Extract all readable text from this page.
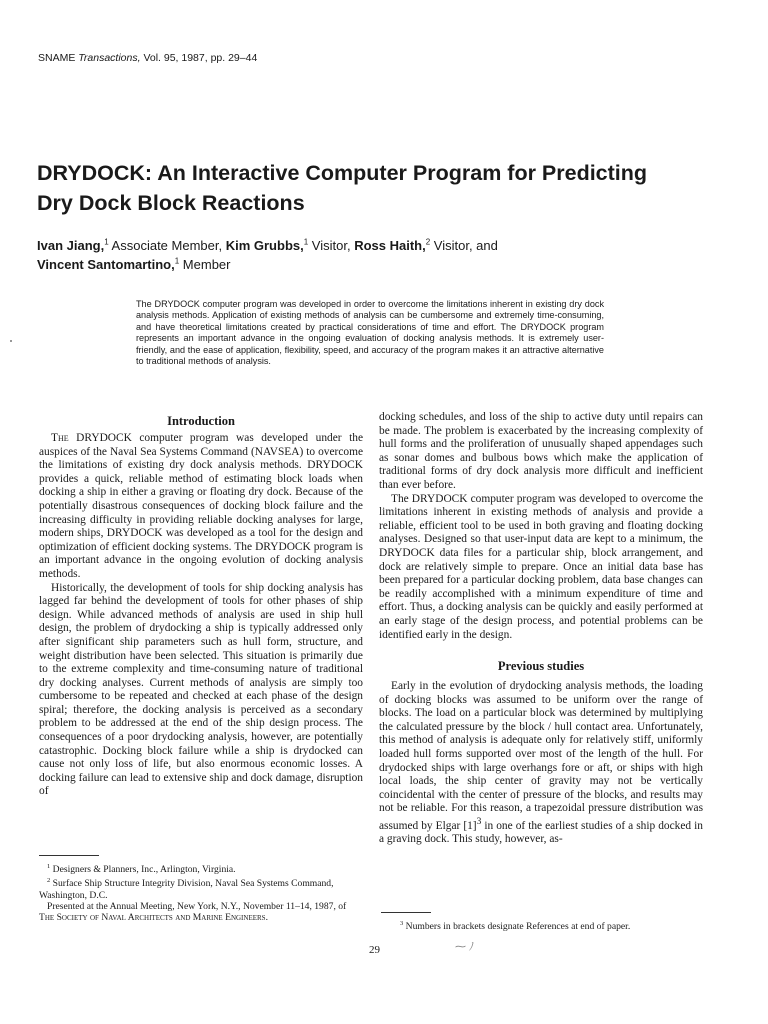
SNAME Transactions, Vol. 95, 1987, pp. 29–44
DRYDOCK: An Interactive Computer Program for Predicting Dry Dock Block Reactions
Ivan Jiang,$^1$ Associate Member, Kim Grubbs,$^1$ Visitor, Ross Haith,$^2$ Visitor, and
Vincent Santomartino,$^1$ Member
The DRYDOCK computer program was developed in order to overcome the limitations inherent in existing dry dock analysis methods. Application of existing methods of analysis can be cumbersome and extremely time-consuming, and have theoretical limitations created by practical considerations of time and effort. The DRYDOCK program represents an important advance in the ongoing evaluation of docking analysis methods. It is extremely user-friendly, and the ease of application, flexibility, speed, and accuracy of the program makes it an attractive alternative to traditional methods of analysis.
Introduction

The DRYDOCK computer program was developed under the auspices of the Naval Sea Systems Command (NAVSEA) to overcome the limitations of existing dry dock analysis methods. DRYDOCK provides a quick, reliable method of estimating block loads when docking a ship in either a graving or floating dry dock. Because of the potentially disastrous consequences of docking block failure and the increasing difficulty in providing reliable docking analyses for large, modern ships, DRYDOCK was developed as a tool for the design and optimization of efficient docking systems. The DRYDOCK program is an important advance in the ongoing evolution of docking analysis methods.

Historically, the development of tools for ship docking analysis has lagged far behind the development of tools for other phases of ship design. While advanced methods of analysis are used in ship hull design, the problem of drydocking a ship is typically addressed only after significant ship parameters such as hull form, structure, and weight distribution have been selected. This situation is primarily due to the extreme complexity and time-consuming nature of traditional dry docking analyses. Current methods of analysis are simply too cumbersome to be repeated and checked at each phase of the design spiral; therefore, the docking analysis is perceived as a secondary problem to be addressed at the end of the ship design process. The consequences of a poor drydocking analysis, however, are potentially catastrophic. Docking block failure while a ship is drydocked can cause not only loss of life, but also enormous economic losses. A docking failure can lead to extensive ship and dock damage, disruption of

docking schedules, and loss of the ship to active duty until repairs can be made. The problem is exacerbated by the increasing complexity of hull forms and the proliferation of unusually shaped appendages such as sonar domes and bulbous bows which make the application of traditional forms of dry dock analysis more difficult and inefficient than ever before.

The DRYDOCK computer program was developed to overcome the limitations inherent in existing methods of analysis and provide a reliable, efficient tool to be used in both graving and floating docking analyses. Designed so that user-input data are kept to a minimum, the DRYDOCK data files for a particular ship, block arrangement, and dock are relatively simple to prepare. Once an initial data base has been prepared for a particular docking problem, data base changes can be readily accomplished with a minimum expenditure of time and effort. Thus, a docking analysis can be quickly and easily performed at an early stage of the design process, and potential problems can be identified early in the design.

Previous studies

Early in the evolution of drydocking analysis methods, the loading of docking blocks was assumed to be uniform over the range of blocks. The load on a particular block was determined by multiplying the calculated pressure by the block / hull contact area. Unfortunately, this method of analysis is adequate only for relatively stiff, uniformly loaded hull forms supported over most of the length of the hull. For drydocked ships with large overhangs fore or aft, or ships with high local loads, the ship center of gravity may not be vertically coincidental with the center of pressure of the blocks, and results may not be reliable. For this reason, a trapezoidal pressure distribution was assumed by Elgar $[1]^3$ in one of the earliest studies of a ship docked in a graving dock. This study, however, as-

$^1$ Designers & Planners, Inc., Arlington, Virginia.

$^2$ Surface Ship Structure Integrity Division, Naval Sea Systems Command, Washington, D.C.

Presented at the Annual Meeting, New York, N.Y., November 11–14, 1987, of The Society of Naval Architects and Marine Engineers.

$^3$ Numbers in brackets designate References at end of paper.

29	⁓ ﾉ
